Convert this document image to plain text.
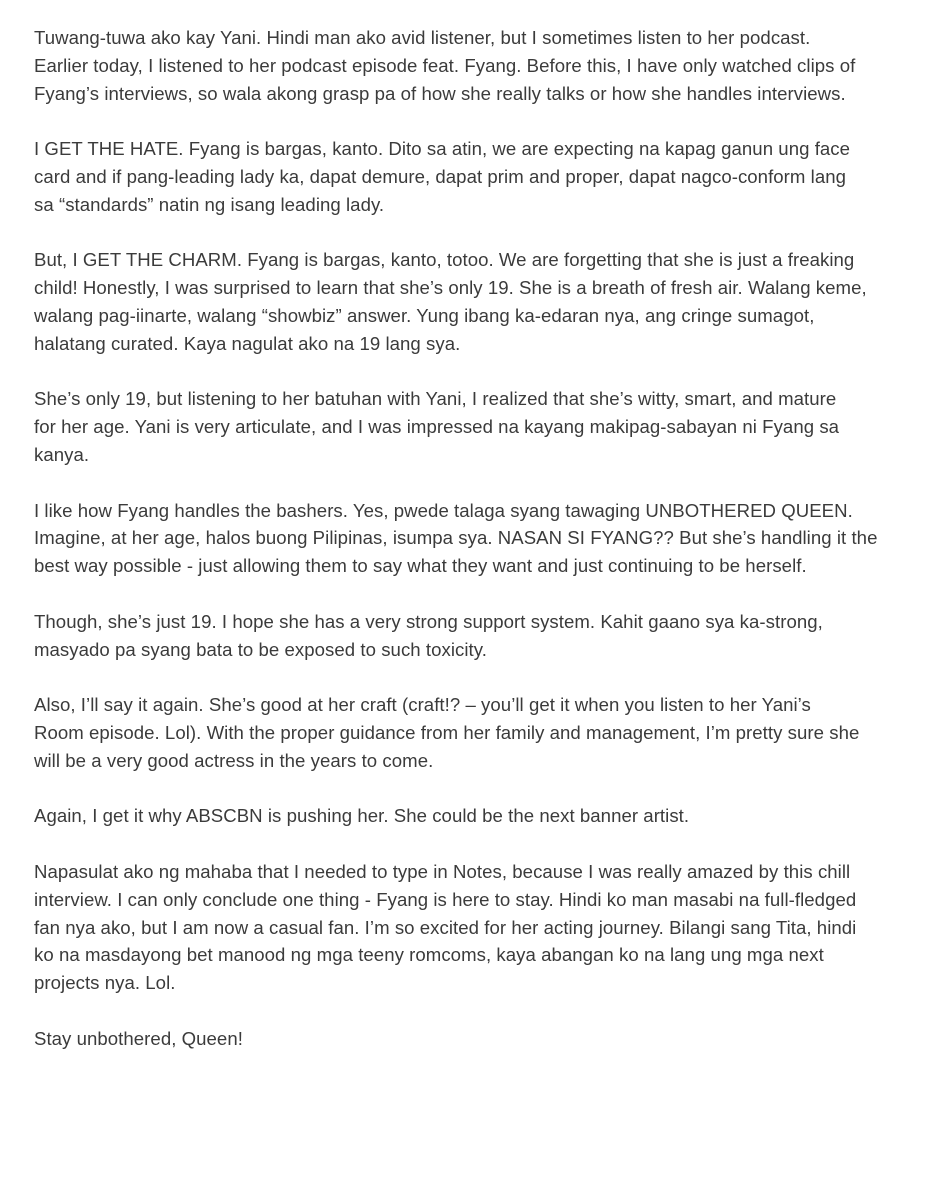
Tuwang-tuwa ako kay Yani. Hindi man ako avid listener, but I sometimes listen to her podcast.
Earlier today, I listened to her podcast episode feat. Fyang. Before this, I have only watched clips of
Fyang’s interviews, so wala akong grasp pa of how she really talks or how she handles interviews.

I GET THE HATE. Fyang is bargas, kanto. Dito sa atin, we are expecting na kapag ganun ung face
card and if pang-leading lady ka, dapat demure, dapat prim and proper, dapat nagco-conform lang
sa “standards” natin ng isang leading lady.

But, I GET THE CHARM. Fyang is bargas, kanto, totoo. We are forgetting that she is just a freaking
child! Honestly, I was surprised to learn that she’s only 19. She is a breath of fresh air. Walang keme,
walang pag-iinarte, walang “showbiz” answer. Yung ibang ka-edaran nya, ang cringe sumagot,
halatang curated. Kaya nagulat ako na 19 lang sya.

She’s only 19, but listening to her batuhan with Yani, I realized that she’s witty, smart, and mature
for her age. Yani is very articulate, and I was impressed na kayang makipag-sabayan ni Fyang sa
kanya.

I like how Fyang handles the bashers. Yes, pwede talaga syang tawaging UNBOTHERED QUEEN.
Imagine, at her age, halos buong Pilipinas, isumpa sya. NASAN SI FYANG?? But she’s handling it the
best way possible - just allowing them to say what they want and just continuing to be herself.

Though, she’s just 19. I hope she has a very strong support system. Kahit gaano sya ka-strong,
masyado pa syang bata to be exposed to such toxicity.

Also, I’ll say it again. She’s good at her craft (craft!? – you’ll get it when you listen to her Yani’s
Room episode. Lol). With the proper guidance from her family and management, I’m pretty sure she
will be a very good actress in the years to come.

Again, I get it why ABSCBN is pushing her. She could be the next banner artist.

Napasulat ako ng mahaba that I needed to type in Notes, because I was really amazed by this chill
interview. I can only conclude one thing - Fyang is here to stay. Hindi ko man masabi na full-fledged
fan nya ako, but I am now a casual fan. I’m so excited for her acting journey. Bilangi sang Tita, hindi
ko na masdayong bet manood ng mga teeny romcoms, kaya abangan ko na lang ung mga next
projects nya. Lol.

Stay unbothered, Queen!
